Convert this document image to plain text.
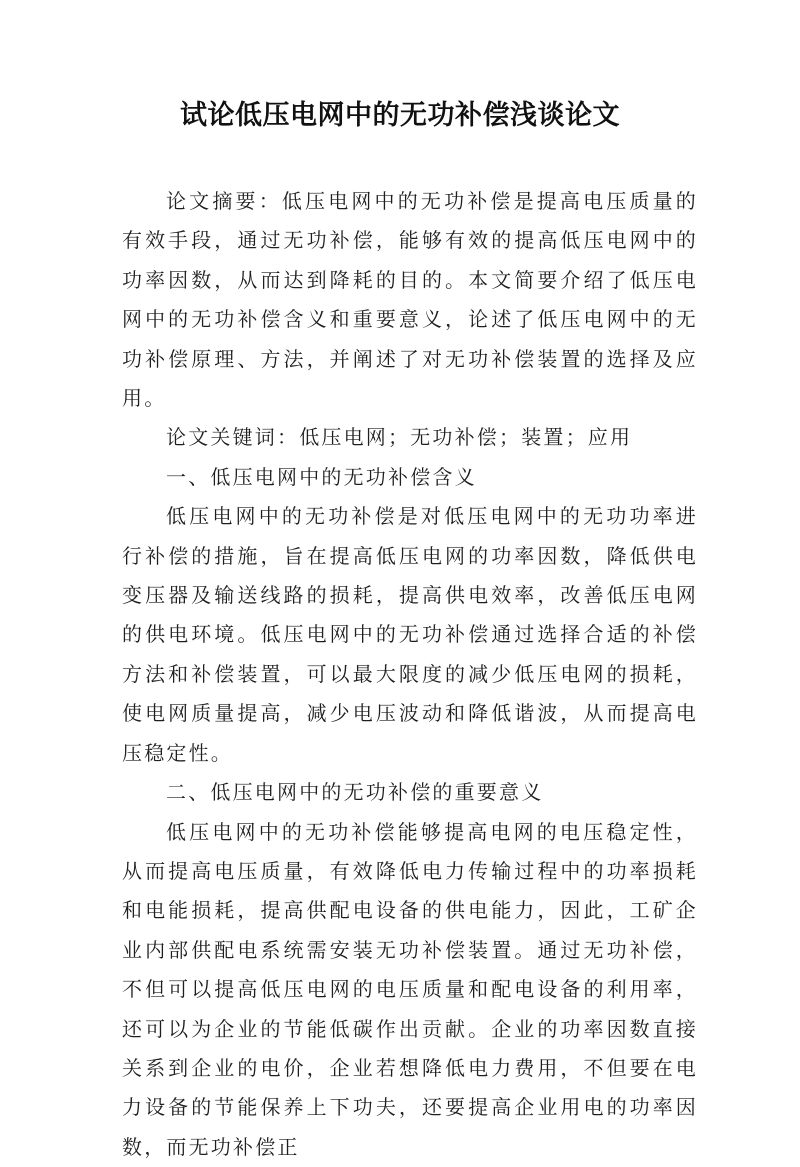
试论低压电网中的无功补偿浅谈论文

论文摘要：低压电网中的无功补偿是提高电压质量的有效手段，通过无功补偿，能够有效的提高低压电网中的功率因数，从而达到降耗的目的。本文简要介绍了低压电网中的无功补偿含义和重要意义，论述了低压电网中的无功补偿原理、方法，并阐述了对无功补偿装置的选择及应用。

论文关键词：低压电网；无功补偿；装置；应用

一、低压电网中的无功补偿含义

低压电网中的无功补偿是对低压电网中的无功功率进行补偿的措施，旨在提高低压电网的功率因数，降低供电变压器及输送线路的损耗，提高供电效率，改善低压电网的供电环境。低压电网中的无功补偿通过选择合适的补偿方法和补偿装置，可以最大限度的减少低压电网的损耗，使电网质量提高，减少电压波动和降低谐波，从而提高电压稳定性。

二、低压电网中的无功补偿的重要意义

低压电网中的无功补偿能够提高电网的电压稳定性，从而提高电压质量，有效降低电力传输过程中的功率损耗和电能损耗，提高供配电设备的供电能力，因此，工矿企业内部供配电系统需安装无功补偿装置。通过无功补偿，不但可以提高低压电网的电压质量和配电设备的利用率，还可以为企业的节能低碳作出贡献。企业的功率因数直接关系到企业的电价，企业若想降低电力费用，不但要在电力设备的节能保养上下功夫，还要提高企业用电的功率因数，而无功补偿正
